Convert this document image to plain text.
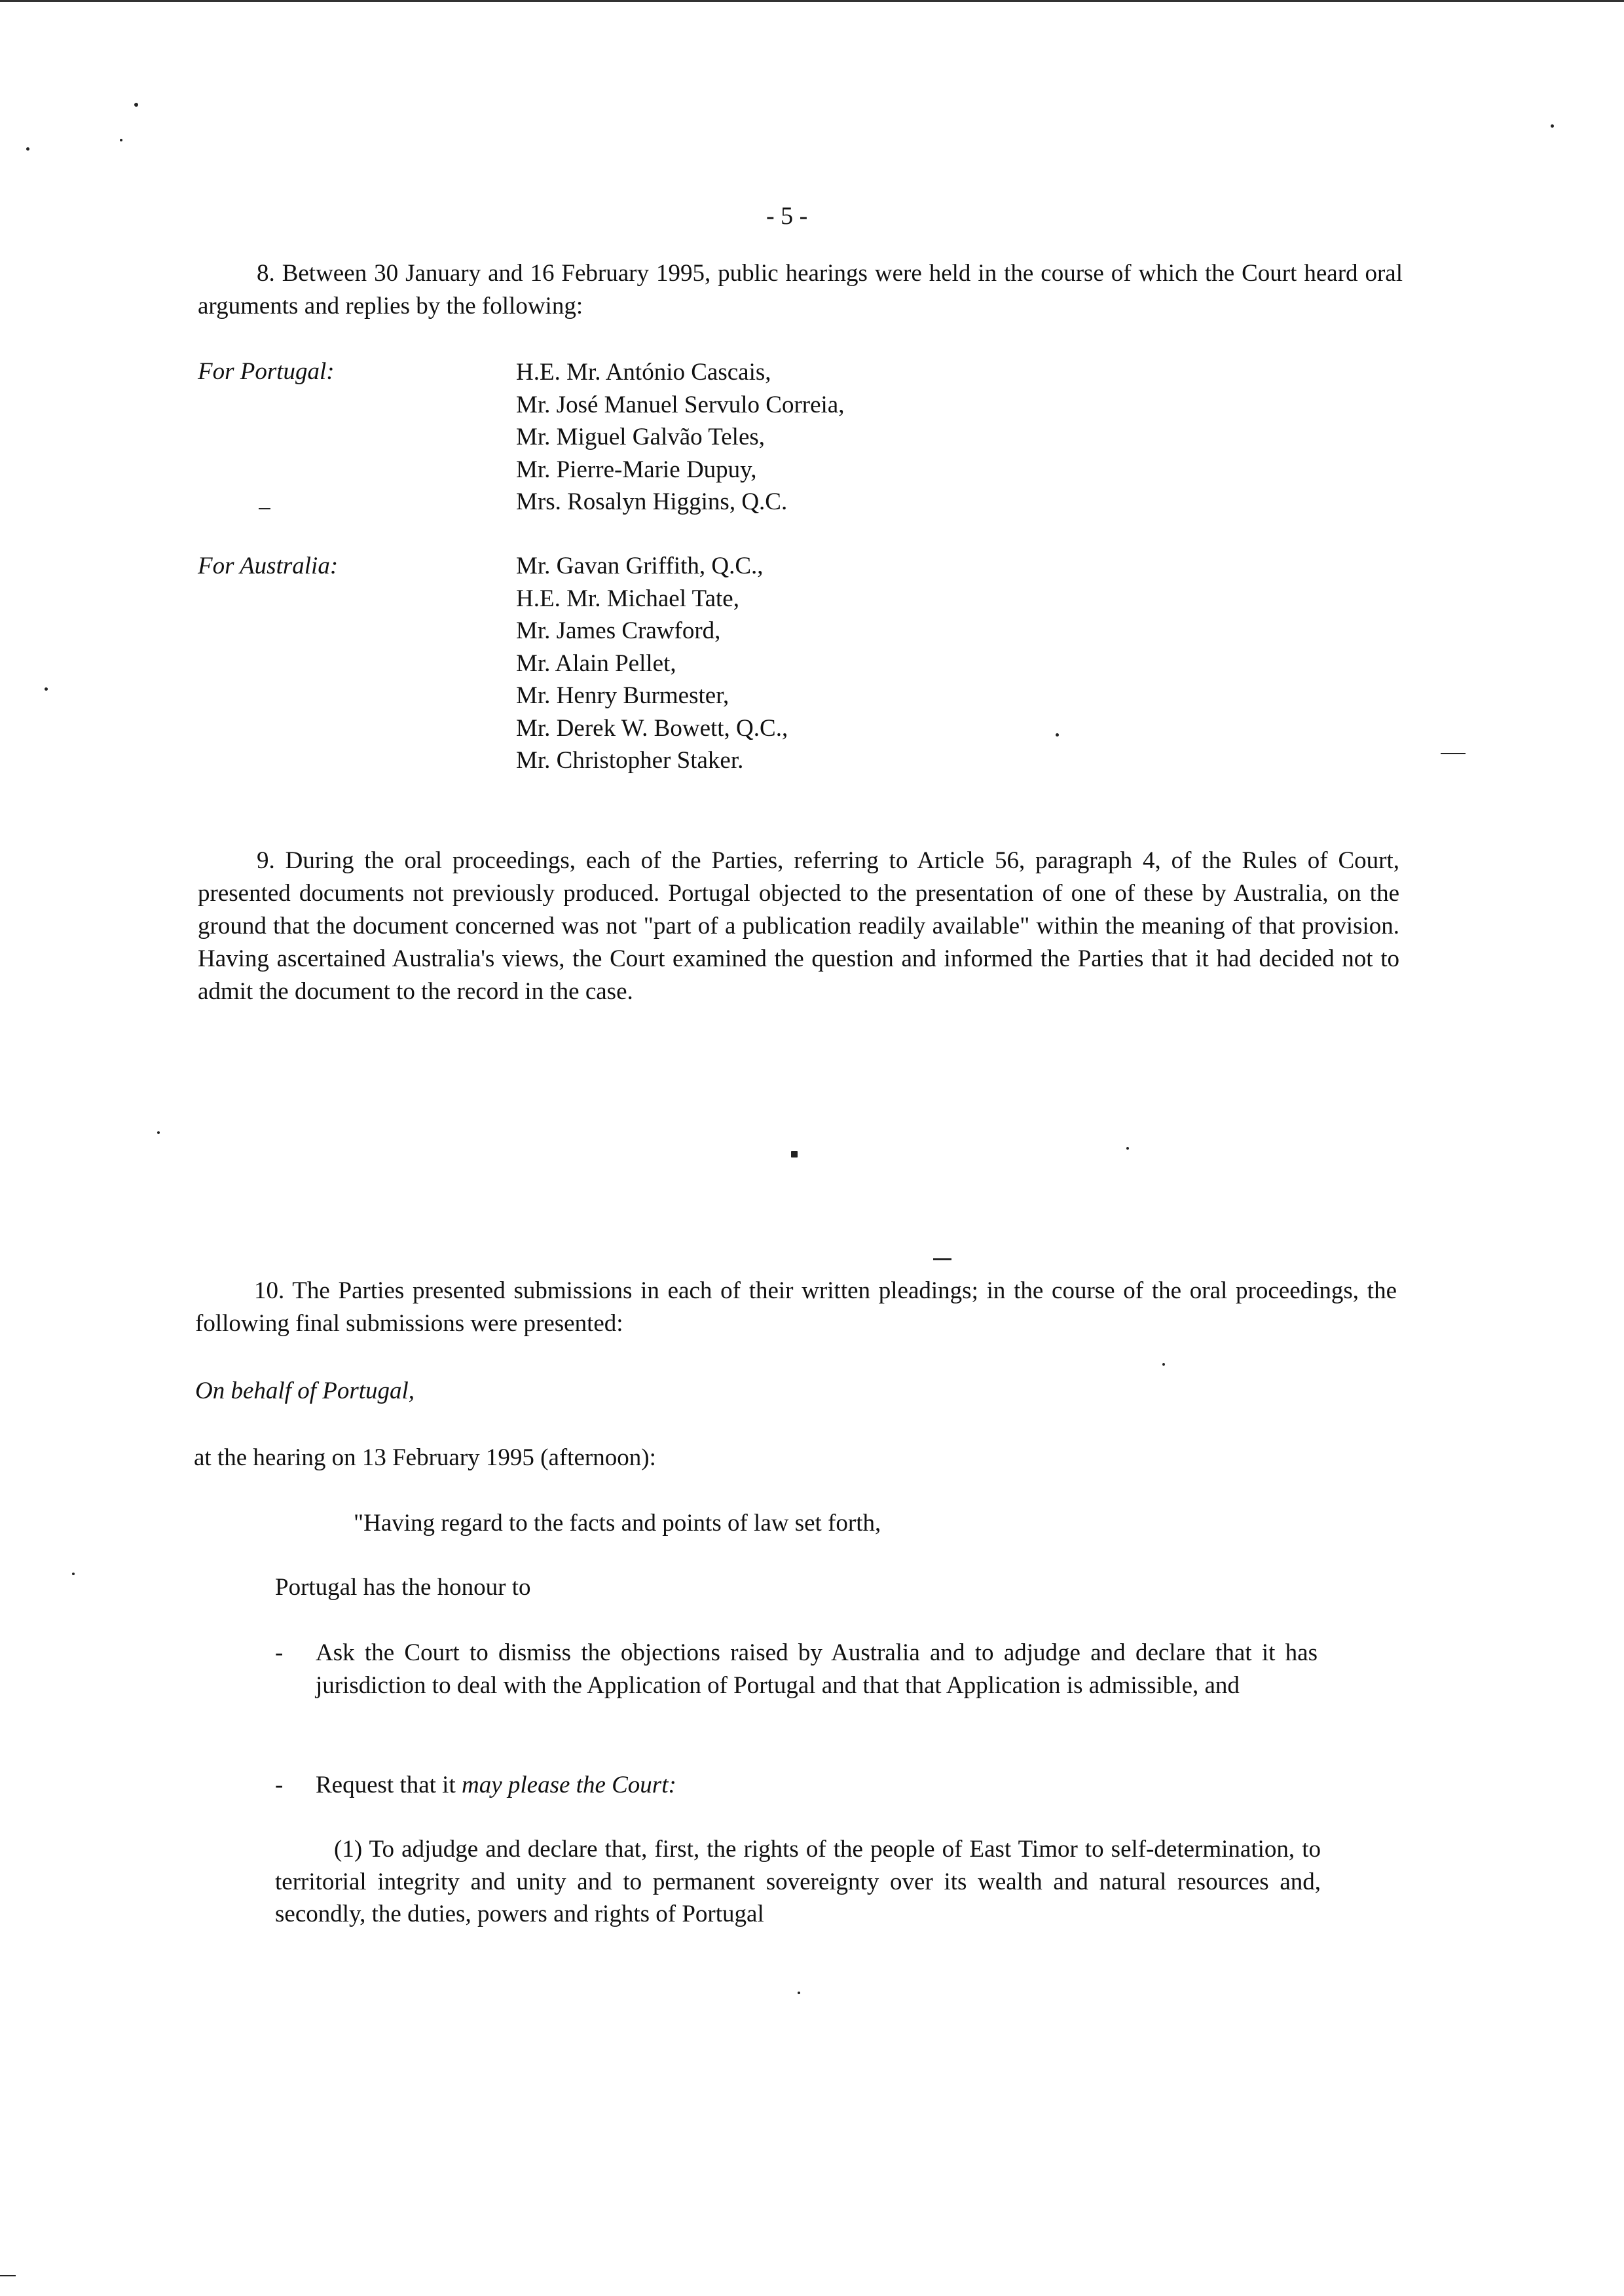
- 5 -
8. Between 30 January and 16 February 1995, public hearings were held in the course of which the Court heard oral arguments and replies by the following:
For Portugal:	H.E. Mr. António Cascais,
Mr. José Manuel Servulo Correia,
Mr. Miguel Galvão Teles,
Mr. Pierre-Marie Dupuy,
Mrs. Rosalyn Higgins, Q.C.
For Australia:	Mr. Gavan Griffith, Q.C.,
H.E. Mr. Michael Tate,
Mr. James Crawford,
Mr. Alain Pellet,
Mr. Henry Burmester,
Mr. Derek W. Bowett, Q.C.,
Mr. Christopher Staker.
9. During the oral proceedings, each of the Parties, referring to Article 56, paragraph 4, of the Rules of Court, presented documents not previously produced. Portugal objected to the presentation of one of these by Australia, on the ground that the document concerned was not "part of a publication readily available" within the meaning of that provision. Having ascertained Australia's views, the Court examined the question and informed the Parties that it had decided not to admit the document to the record in the case.
10. The Parties presented submissions in each of their written pleadings; in the course of the oral proceedings, the following final submissions were presented:
On behalf of Portugal,
at the hearing on 13 February 1995 (afternoon):
"Having regard to the facts and points of law set forth,
Portugal has the honour to
- Ask the Court to dismiss the objections raised by Australia and to adjudge and declare that it has jurisdiction to deal with the Application of Portugal and that that Application is admissible, and
- Request that it may please the Court:
(1) To adjudge and declare that, first, the rights of the people of East Timor to self-determination, to territorial integrity and unity and to permanent sovereignty over its wealth and natural resources and, secondly, the duties, powers and rights of Portugal
